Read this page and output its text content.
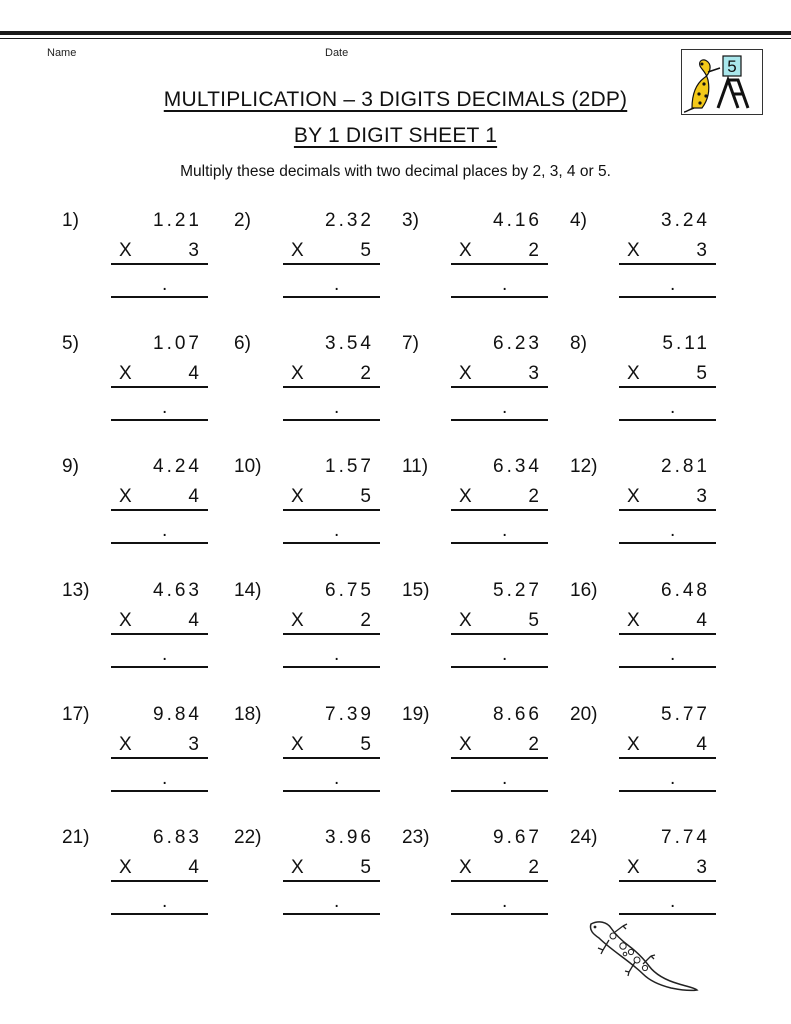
Name	Date
MULTIPLICATION – 3 DIGITS DECIMALS (2DP)
BY 1 DIGIT SHEET 1
Multiply these decimals with two decimal places by 2, 3, 4 or 5.
5
1)	1.21
X	3
.
2)	2.32
X	5
.
3)	4.16
X	2
.
4)	3.24
X	3
.
5)	1.07
X	4
.
6)	3.54
X	2
.
7)	6.23
X	3
.
8)	5.11
X	5
.
9)	4.24
X	4
.
10)	1.57
X	5
.
11)	6.34
X	2
.
12)	2.81
X	3
.
13)	4.63
X	4
.
14)	6.75
X	2
.
15)	5.27
X	5
.
16)	6.48
X	4
.
17)	9.84
X	3
.
18)	7.39
X	5
.
19)	8.66
X	2
.
20)	5.77
X	4
.
21)	6.83
X	4
.
22)	3.96
X	5
.
23)	9.67
X	2
.
24)	7.74
X	3
.
